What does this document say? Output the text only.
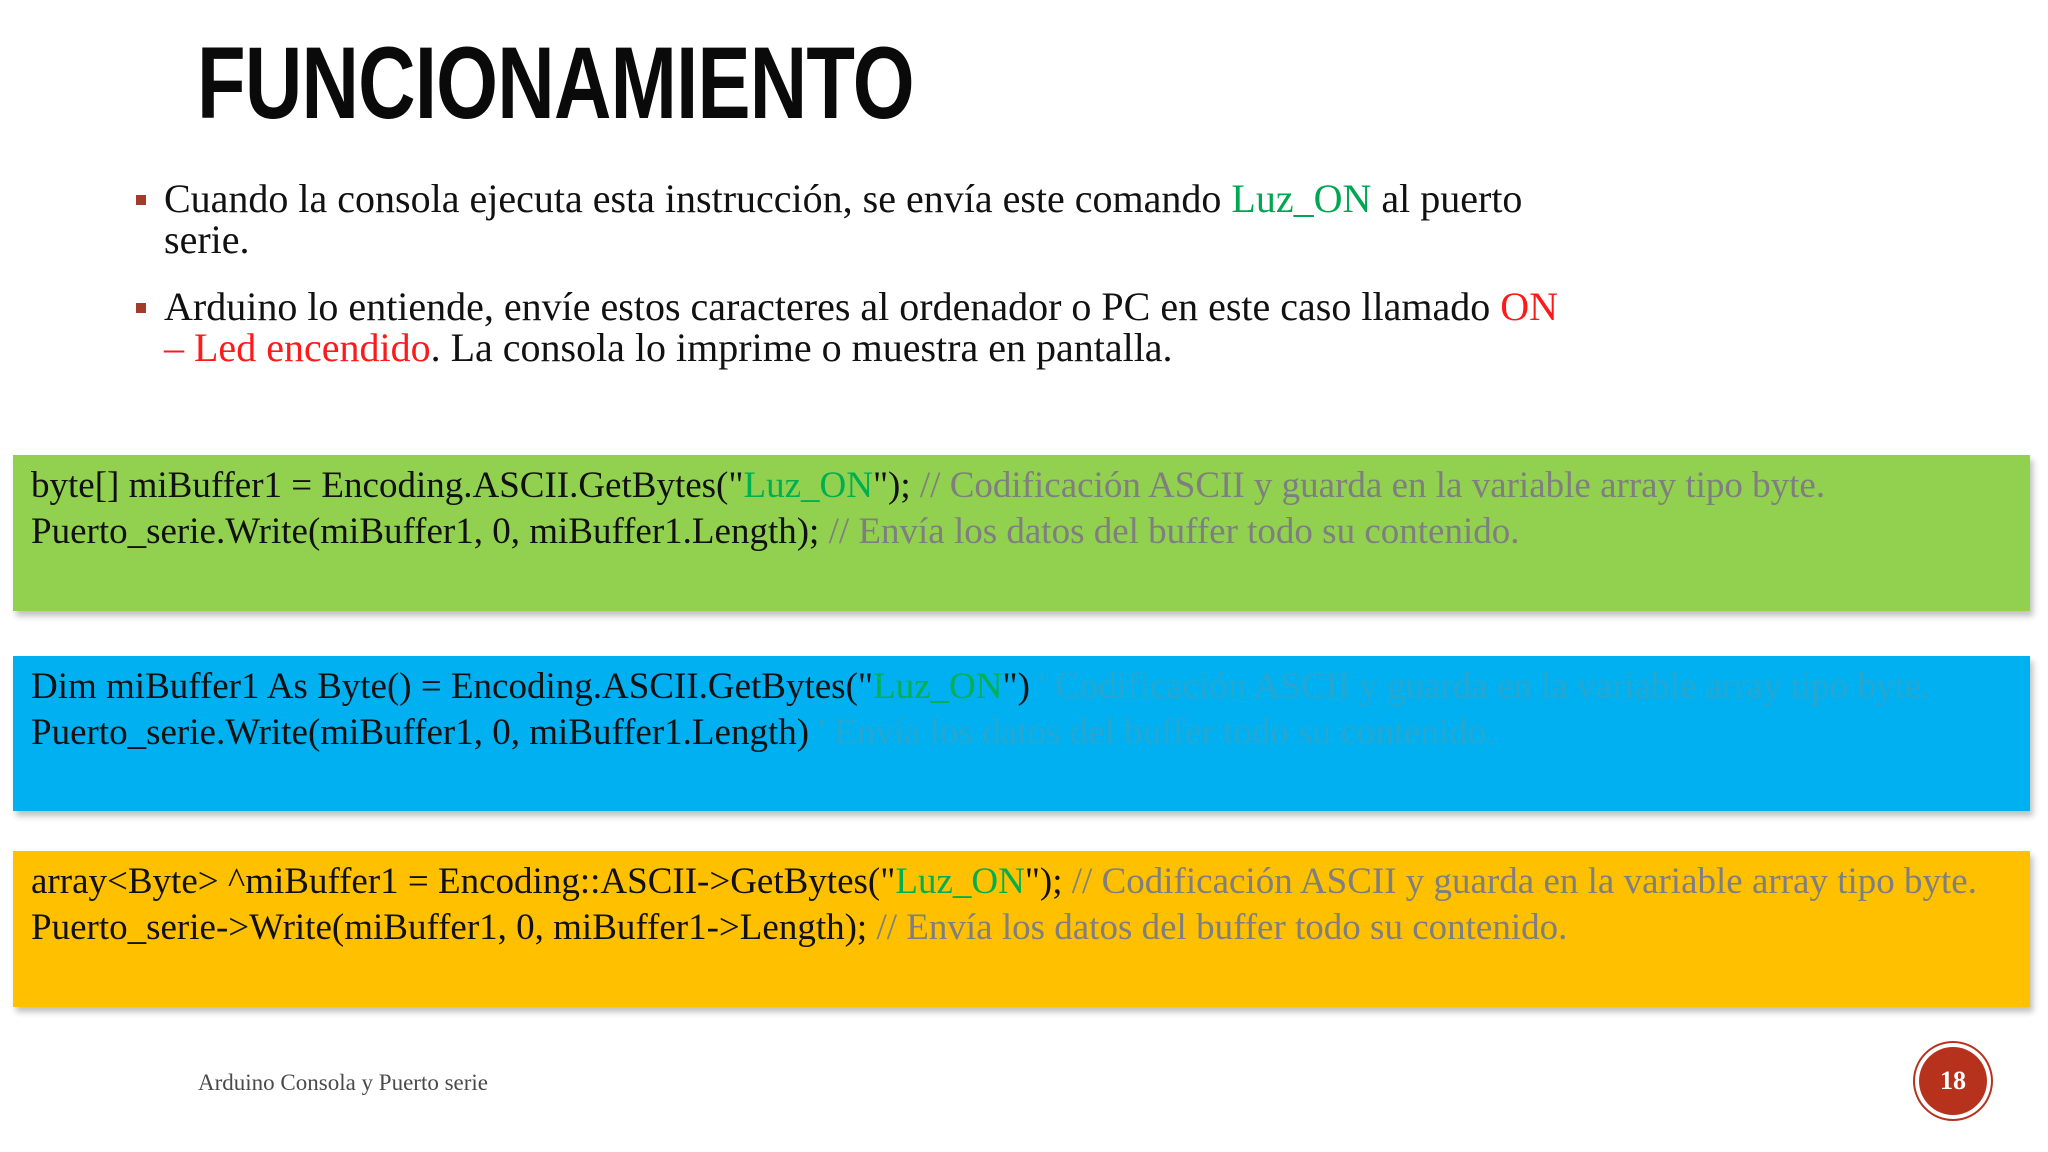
FUNCIONAMIENTO
Cuando la consola ejecuta esta instrucción, se envía este comando Luz_ON al puerto serie.
Arduino lo entiende, envíe estos caracteres al ordenador o PC en este caso llamado ON – Led encendido. La consola lo imprime o muestra en pantalla.
byte[] miBuffer1 = Encoding.ASCII.GetBytes("Luz_ON"); // Codificación ASCII y guarda en la variable array tipo byte.
Puerto_serie.Write(miBuffer1, 0, miBuffer1.Length); // Envía los datos del buffer todo su contenido.
Dim miBuffer1 As Byte() = Encoding.ASCII.GetBytes("Luz_ON") ' Codificación ASCII y guarda en la variable array tipo byte.
Puerto_serie.Write(miBuffer1, 0, miBuffer1.Length) ' Envía los datos del buffer todo su contenido.
array<Byte> ^miBuffer1 = Encoding::ASCII->GetBytes("Luz_ON"); // Codificación ASCII y guarda en la variable array tipo byte.
Puerto_serie->Write(miBuffer1, 0, miBuffer1->Length); // Envía los datos del buffer todo su contenido.
Arduino Consola y Puerto serie	18
